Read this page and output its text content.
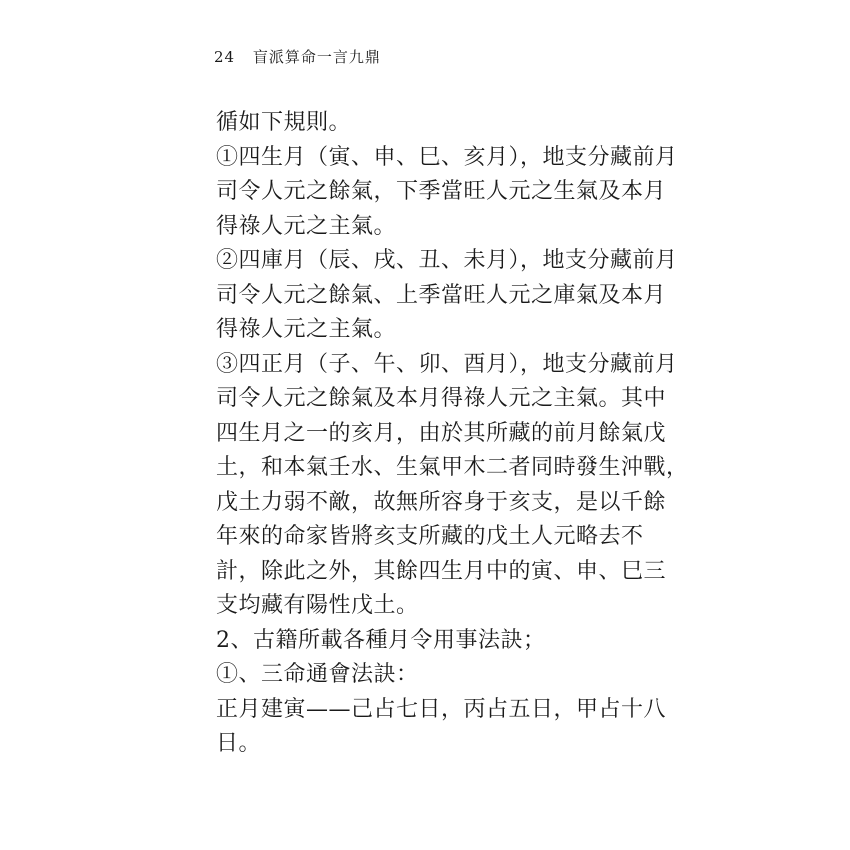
24 盲派算命一言九鼎
循如下規則。
①四生月（寅、申、巳、亥月），地支分藏前月
司令人元之餘氣，下季當旺人元之生氣及本月
得祿人元之主氣。
②四庫月（辰、戌、丑、未月），地支分藏前月
司令人元之餘氣、上季當旺人元之庫氣及本月
得祿人元之主氣。
③四正月（子、午、卯、酉月），地支分藏前月
司令人元之餘氣及本月得祿人元之主氣。其中
四生月之一的亥月，由於其所藏的前月餘氣戊
土，和本氣壬水、生氣甲木二者同時發生沖戰，
戊土力弱不敵，故無所容身于亥支，是以千餘
年來的命家皆將亥支所藏的戊土人元略去不
計，除此之外，其餘四生月中的寅、申、巳三
支均藏有陽性戊土。
2、古籍所載各種月令用事法訣；
①、三命通會法訣：
正月建寅——己占七日，丙占五日，甲占十八
日。
